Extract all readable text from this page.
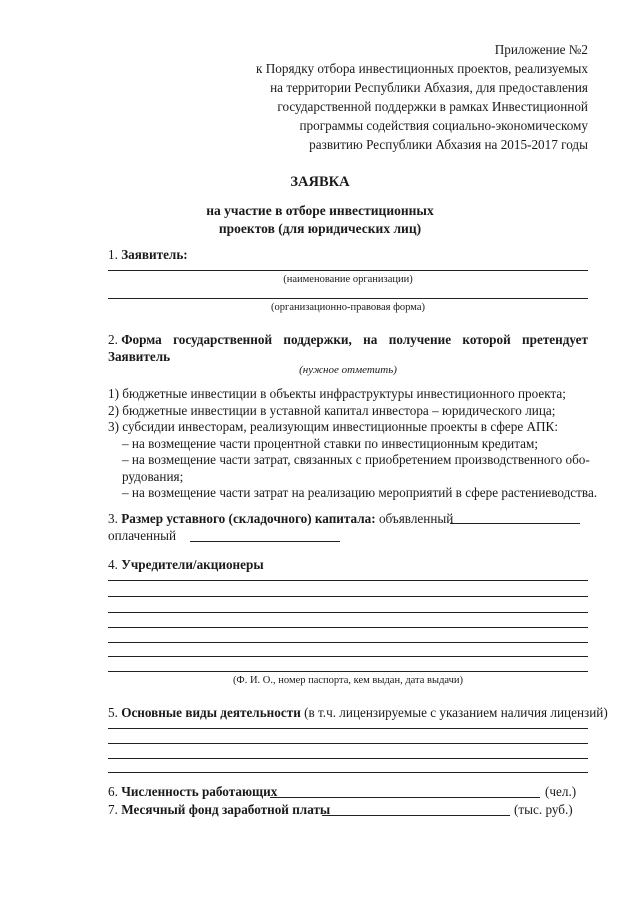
Приложение №2
к Порядку отбора инвестиционных проектов, реализуемых
на территории Республики Абхазия, для предоставления
государственной поддержки в рамках Инвестиционной
программы содействия социально-экономическому
развитию Республики Абхазия на 2015-2017 годы
ЗАЯВКА
на участие в отборе инвестиционных
проектов (для юридических лиц)
1. Заявитель:
(наименование организации)
(организационно-правовая форма)
2. Форма государственной поддержки, на получение которой претендует
Заявитель
(нужное отметить)
1) бюджетные инвестиции в объекты инфраструктуры инвестиционного проекта;
2) бюджетные инвестиции в уставной капитал инвестора – юридического лица;
3) субсидии инвесторам, реализующим инвестиционные проекты в сфере АПК:
– на возмещение части процентной ставки по инвестиционным кредитам;
– на возмещение части затрат, связанных с приобретением производственного обо-
рудования;
– на возмещение части затрат на реализацию мероприятий в сфере растениеводства.
3. Размер уставного (складочного) капитала: объявленный
оплаченный
4. Учредители/акционеры
(Ф. И. О., номер паспорта, кем выдан, дата выдачи)
5. Основные виды деятельности (в т.ч. лицензируемые с указанием наличия лицензий)
6. Численность работающих	(чел.)
7. Месячный фонд заработной платы	(тыс. руб.)
